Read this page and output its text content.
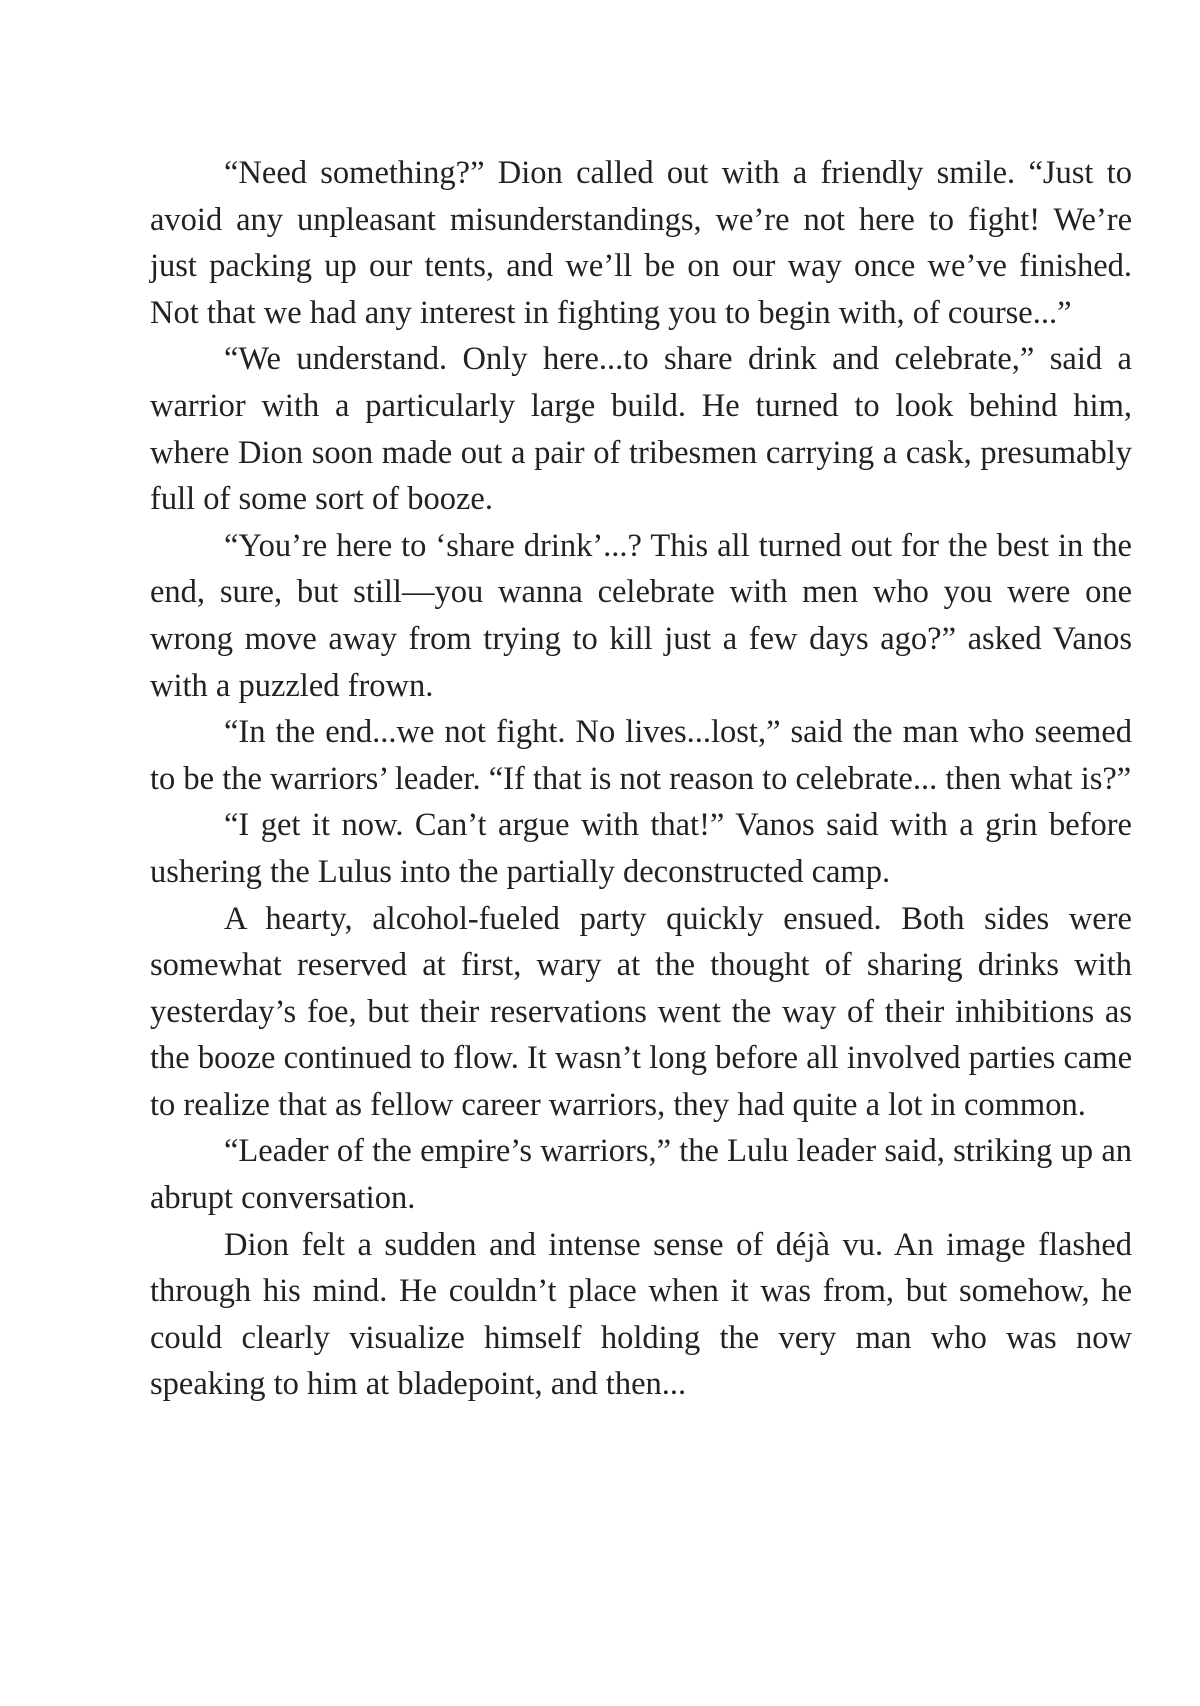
“Need something?” Dion called out with a friendly smile. “Just to avoid any unpleasant misunderstandings, we’re not here to fight! We’re just packing up our tents, and we’ll be on our way once we’ve finished. Not that we had any interest in fighting you to begin with, of course...”

“We understand. Only here...to share drink and celebrate,” said a warrior with a particularly large build. He turned to look behind him, where Dion soon made out a pair of tribesmen carrying a cask, presumably full of some sort of booze.

“You’re here to ‘share drink’...? This all turned out for the best in the end, sure, but still—you wanna celebrate with men who you were one wrong move away from trying to kill just a few days ago?” asked Vanos with a puzzled frown.

“In the end...we not fight. No lives...lost,” said the man who seemed to be the warriors’ leader. “If that is not reason to celebrate... then what is?”

“I get it now. Can’t argue with that!” Vanos said with a grin before ushering the Lulus into the partially deconstructed camp.

A hearty, alcohol-fueled party quickly ensued. Both sides were somewhat reserved at first, wary at the thought of sharing drinks with yesterday’s foe, but their reservations went the way of their inhibitions as the booze continued to flow. It wasn’t long before all involved parties came to realize that as fellow career warriors, they had quite a lot in common.

“Leader of the empire’s warriors,” the Lulu leader said, striking up an abrupt conversation.

Dion felt a sudden and intense sense of déjà vu. An image flashed through his mind. He couldn’t place when it was from, but somehow, he could clearly visualize himself holding the very man who was now speaking to him at bladepoint, and then...
